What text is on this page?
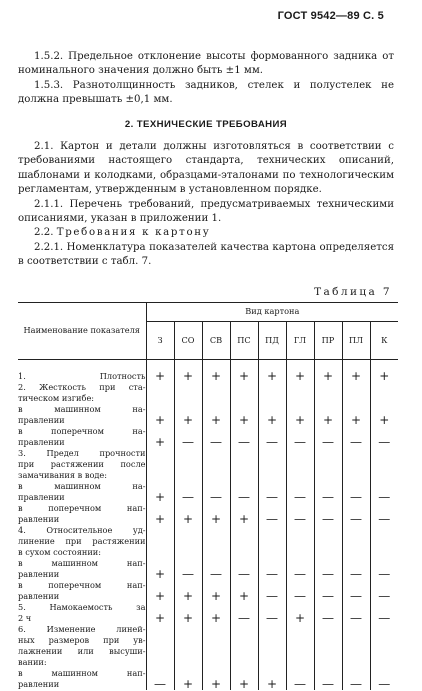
ГОСТ 9542—89 С. 5

1.5.2. Предельное отклонение высоты формованного задника от номинального значения должно быть ±1 мм.

1.5.3. Разнотолщинность задников, стелек и полустелек не должна превышать ±0,1 мм.

2. ТЕХНИЧЕСКИЕ ТРЕБОВАНИЯ

2.1. Картон и детали должны изготовляться в соответствии с требованиями настоящего стандарта, технических описаний, шаблонами и колодками, образцами-эталонами по технологическим регламентам, утвержденным в установленном порядке.

2.1.1. Перечень требований, предусматриваемых техническими описаниями, указан в приложении 1.

2.2. Требования к картону

2.2.1. Номенклатура показателей качества картона определяется в соответствии с табл. 7.

Таблица 7
Наименование показателя	Вид картона								
	З	СО	СВ	ПС	ПД	ГЛ	ПР	ПЛ	К

1. Плотность	+	+	+	+	+	+	+	+	+
2. Жесткость при ста-									
тическом изгибе:									
в машинном на-									
правлении	+	+	+	+	+	+	+	+	+
в поперечном на-									
правлении	+	—	—	—	—	—	—	—	—
3. Предел прочности									
при растяжении после									
замачивания в воде:									
в машинном на-									
правлении	+	—	—	—	—	—	—	—	—
в поперечном нап-									
равлении	+	+	+	+	—	—	—	—	—
4. Относительное уд-									
линение при растяжении									
в сухом состоянии:									
в машинном нап-									
равлении	+	—	—	—	—	—	—	—	—
в поперечном нап-									
равлении	+	+	+	+	—	—	—	—	—
5. Намокаемость за									
2 ч	+	+	+	—	—	+	—	—	—
6. Изменение линей-									
ных размеров при ув-									
лажнении или высуши-									
вании:									
в машинном нап-									
равлении	—	+	+	+	+	—	—	—	—
